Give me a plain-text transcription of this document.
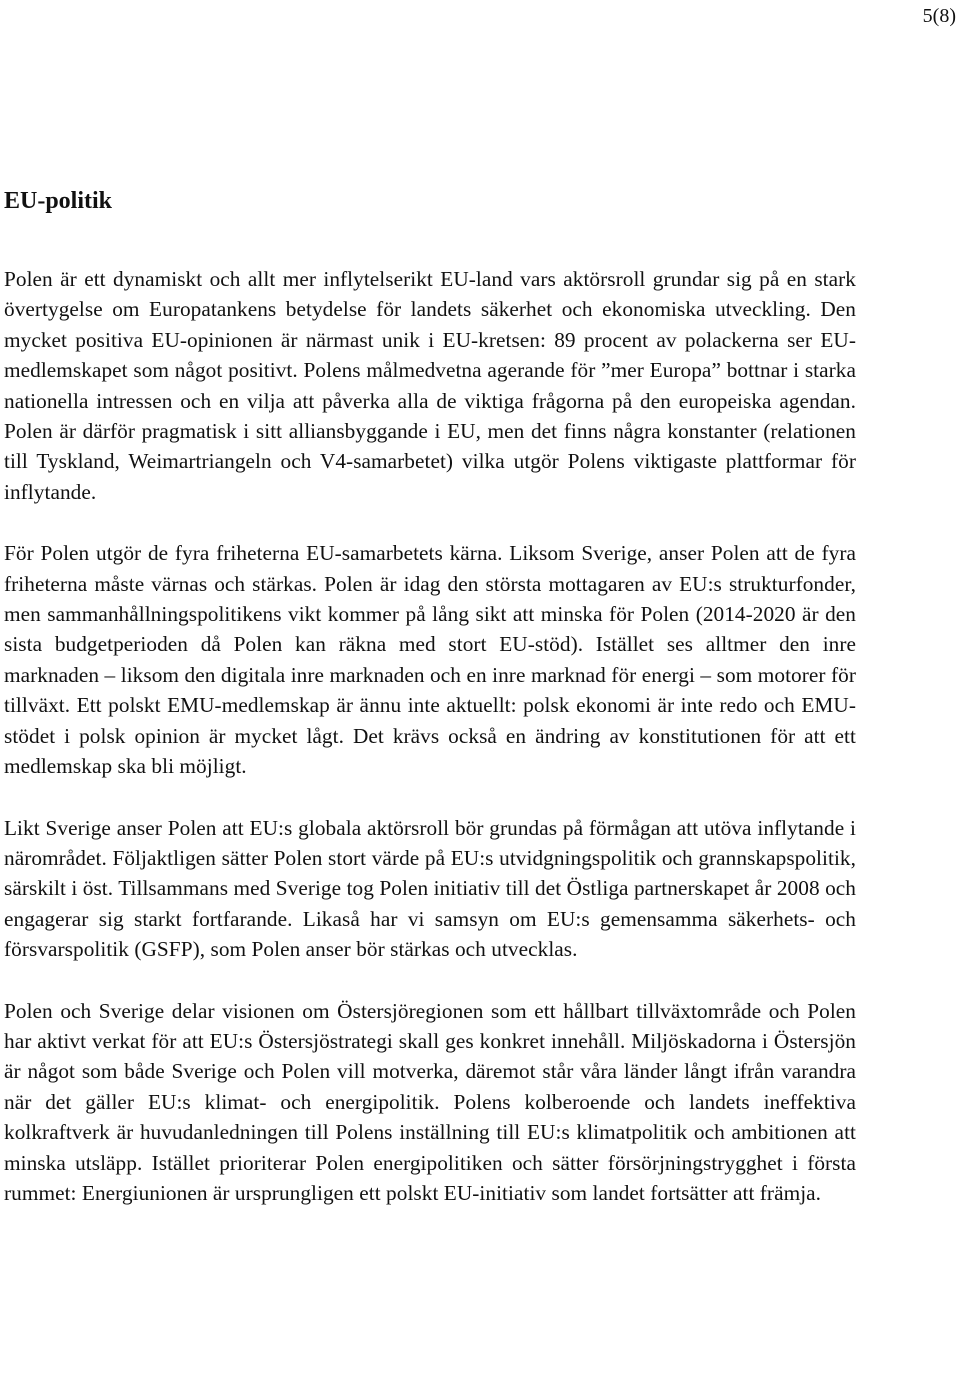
5(8)
EU-politik

Polen är ett dynamiskt och allt mer inflytelserikt EU-land vars aktörsroll grundar sig på en stark övertygelse om Europatankens betydelse för landets säkerhet och ekonomiska utveckling. Den mycket positiva EU-opinionen är närmast unik i EU-kretsen: 89 procent av polackerna ser EU-medlemskapet som något positivt. Polens målmedvetna agerande för ”mer Europa” bottnar i starka nationella intressen och en vilja att påverka alla de viktiga frågorna på den europeiska agendan. Polen är därför pragmatisk i sitt alliansbyggande i EU, men det finns några konstanter (relationen till Tyskland, Weimartriangeln och V4-samarbetet) vilka utgör Polens viktigaste plattformar för inflytande.

För Polen utgör de fyra friheterna EU-samarbetets kärna. Liksom Sverige, anser Polen att de fyra friheterna måste värnas och stärkas. Polen är idag den största mottagaren av EU:s strukturfonder, men sammanhållningspolitikens vikt kommer på lång sikt att minska för Polen (2014-2020 är den sista budgetperioden då Polen kan räkna med stort EU-stöd). Istället ses alltmer den inre marknaden – liksom den digitala inre marknaden och en inre marknad för energi – som motorer för tillväxt. Ett polskt EMU-medlemskap är ännu inte aktuellt: polsk ekonomi är inte redo och EMU-stödet i polsk opinion är mycket lågt. Det krävs också en ändring av konstitutionen för att ett medlemskap ska bli möjligt.

Likt Sverige anser Polen att EU:s globala aktörsroll bör grundas på förmågan att utöva inflytande i närområdet. Följaktligen sätter Polen stort värde på EU:s utvidgningspolitik och grannskapspolitik, särskilt i öst. Tillsammans med Sverige tog Polen initiativ till det Östliga partnerskapet år 2008 och engagerar sig starkt fortfarande. Likaså har vi samsyn om EU:s gemensamma säkerhets- och försvarspolitik (GSFP), som Polen anser bör stärkas och utvecklas.

Polen och Sverige delar visionen om Östersjöregionen som ett hållbart tillväxtområde och Polen har aktivt verkat för att EU:s Östersjöstrategi skall ges konkret innehåll. Miljöskadorna i Östersjön är något som både Sverige och Polen vill motverka, däremot står våra länder långt ifrån varandra när det gäller EU:s klimat- och energipolitik. Polens kolberoende och landets ineffektiva kolkraftverk är huvudanledningen till Polens inställning till EU:s klimatpolitik och ambitionen att minska utsläpp. Istället prioriterar Polen energipolitiken och sätter försörjningstrygghet i första rummet: Energiunionen är ursprungligen ett polskt EU-initiativ som landet fortsätter att främja.
